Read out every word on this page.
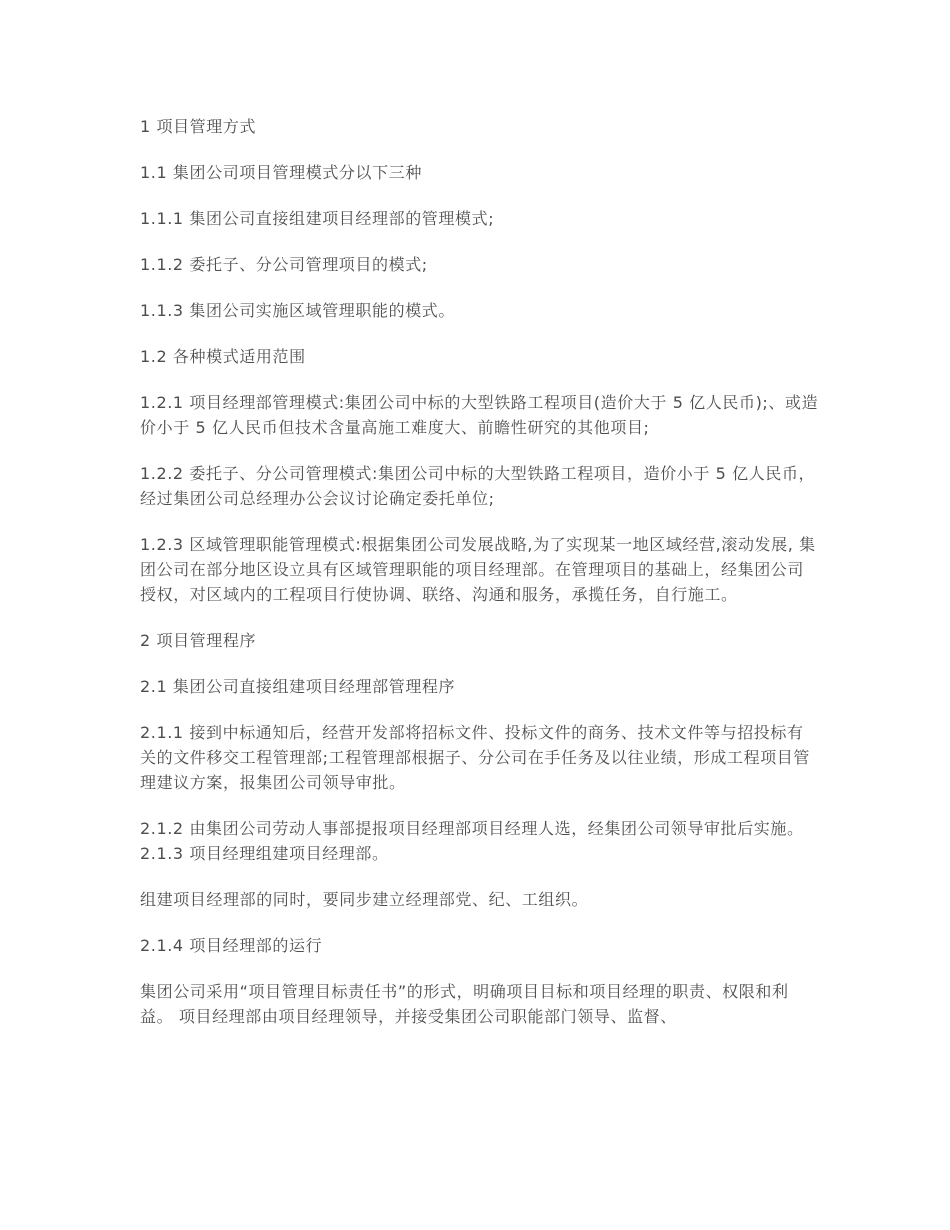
1 项目管理方式

1.1 集团公司项目管理模式分以下三种

1.1.1 集团公司直接组建项目经理部的管理模式;

1.1.2 委托子、分公司管理项目的模式;

1.1.3 集团公司实施区域管理职能的模式。

1.2 各种模式适用范围

1.2.1 项目经理部管理模式:集团公司中标的大型铁路工程项目(造价大于 5 亿人民币);、或造价小于 5 亿人民币但技术含量高施工难度大、前瞻性研究的其他项目;

1.2.2 委托子、分公司管理模式:集团公司中标的大型铁路工程项目，造价小于 5 亿人民币，经过集团公司总经理办公会议讨论确定委托单位;

1.2.3 区域管理职能管理模式:根据集团公司发展战略,为了实现某一地区域经营,滚动发展, 集团公司在部分地区设立具有区域管理职能的项目经理部。在管理项目的基础上，经集团公司授权，对区域内的工程项目行使协调、联络、沟通和服务，承揽任务，自行施工。

2 项目管理程序

2.1 集团公司直接组建项目经理部管理程序

2.1.1 接到中标通知后，经营开发部将招标文件、投标文件的商务、技术文件等与招投标有关的文件移交工程管理部;工程管理部根据子、分公司在手任务及以往业绩，形成工程项目管理建议方案，报集团公司领导审批。

2.1.2 由集团公司劳动人事部提报项目经理部项目经理人选，经集团公司领导审批后实施。 2.1.3 项目经理组建项目经理部。

组建项目经理部的同时，要同步建立经理部党、纪、工组织。

2.1.4 项目经理部的运行

集团公司采用“项目管理目标责任书”的形式，明确项目目标和项目经理的职责、权限和利益。 项目经理部由项目经理领导，并接受集团公司职能部门领导、监督、
